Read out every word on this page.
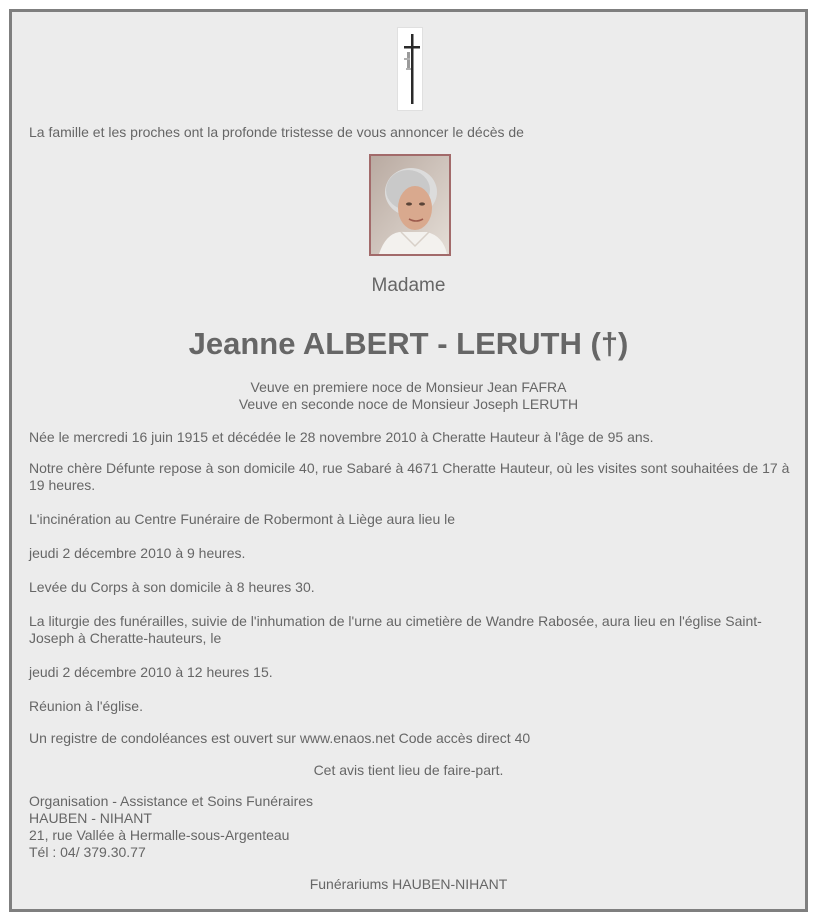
La famille et les proches ont la profonde tristesse de vous annoncer le décès de

Madame
Jeanne ALBERT - LERUTH (†)

Veuve en premiere noce de Monsieur Jean FAFRA

Veuve en seconde noce de Monsieur Joseph LERUTH

Née le mercredi 16 juin 1915 et décédée le 28 novembre 2010 à Cheratte Hauteur à l'âge de 95 ans.

Notre chère Défunte repose à son domicile 40, rue Sabaré à 4671 Cheratte Hauteur, où les visites sont souhaitées de 17 à 19 heures.

L'incinération au Centre Funéraire de Robermont à Liège aura lieu le

jeudi 2 décembre 2010 à 9 heures.

Levée du Corps à son domicile à 8 heures 30.

La liturgie des funérailles, suivie de l'inhumation de l'urne au cimetière de Wandre Rabosée, aura lieu en l'église Saint-Joseph à Cheratte-hauteurs, le

jeudi 2 décembre 2010 à 12 heures 15.

Réunion à l'église.

Un registre de condoléances est ouvert sur www.enaos.net Code accès direct 40

Cet avis tient lieu de faire-part.

Organisation - Assistance et Soins Funéraires

HAUBEN - NIHANT

21, rue Vallée à Hermalle-sous-Argenteau

Tél : 04/ 379.30.77

Funérariums HAUBEN-NIHANT
